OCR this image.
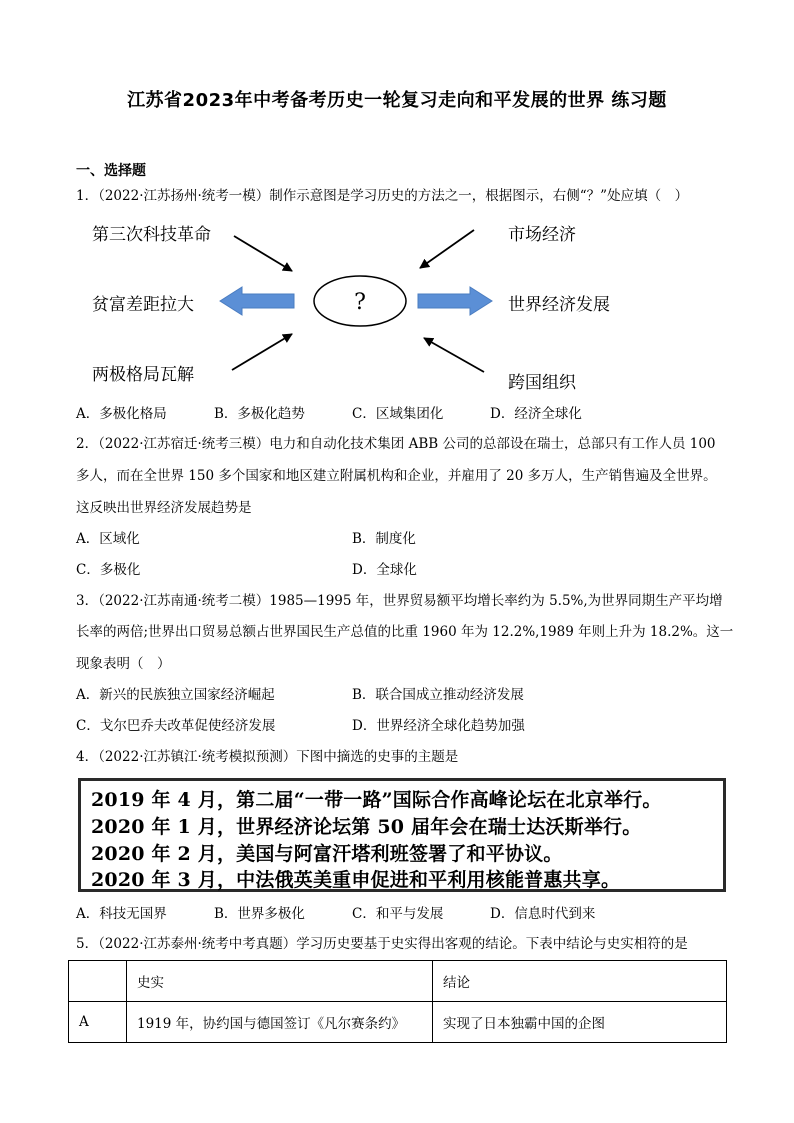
江苏省2023年中考备考历史一轮复习走向和平发展的世界 练习题
一、选择题
1．（2022·江苏扬州·统考一模）制作示意图是学习历史的方法之一，根据图示，右侧“？”处应填（　）
第三次科技革命
贫富差距拉大
两极格局瓦解
市场经济
世界经济发展
跨国组织
?
A．多极化格局	B．多极化趋势	C．区域集团化	D．经济全球化
2．（2022·江苏宿迁·统考三模）电力和自动化技术集团 ABB 公司的总部设在瑞士，总部只有工作人员 100
多人，而在全世界 150 多个国家和地区建立附属机构和企业，并雇用了 20 多万人，生产销售遍及全世界。
这反映出世界经济发展趋势是
A．区域化	B．制度化
C．多极化	D．全球化
3．（2022·江苏南通·统考二模）1985—1995 年，世界贸易额平均增长率约为 5.5%,为世界同期生产平均增
长率的两倍;世界出口贸易总额占世界国民生产总值的比重 1960 年为 12.2%,1989 年则上升为 18.2%。这一
现象表明（　）
A．新兴的民族独立国家经济崛起	B．联合国成立推动经济发展
C．戈尔巴乔夫改革促使经济发展	D．世界经济全球化趋势加强
4．（2022·江苏镇江·统考模拟预测）下图中摘选的史事的主题是
2019 年 4 月，第二届“一带一路”国际合作高峰论坛在北京举行。
2020 年 1 月，世界经济论坛第 50 届年会在瑞士达沃斯举行。
2020 年 2 月，美国与阿富汗塔利班签署了和平协议。
2020 年 3 月，中法俄英美重申促进和平利用核能普惠共享。
A．科技无国界	B．世界多极化	C．和平与发展	D．信息时代到来
5．（2022·江苏泰州·统考中考真题）学习历史要基于史实得出客观的结论。下表中结论与史实相符的是
	史实	结论
A	1919 年，协约国与德国签订《凡尔赛条约》	实现了日本独霸中国的企图
